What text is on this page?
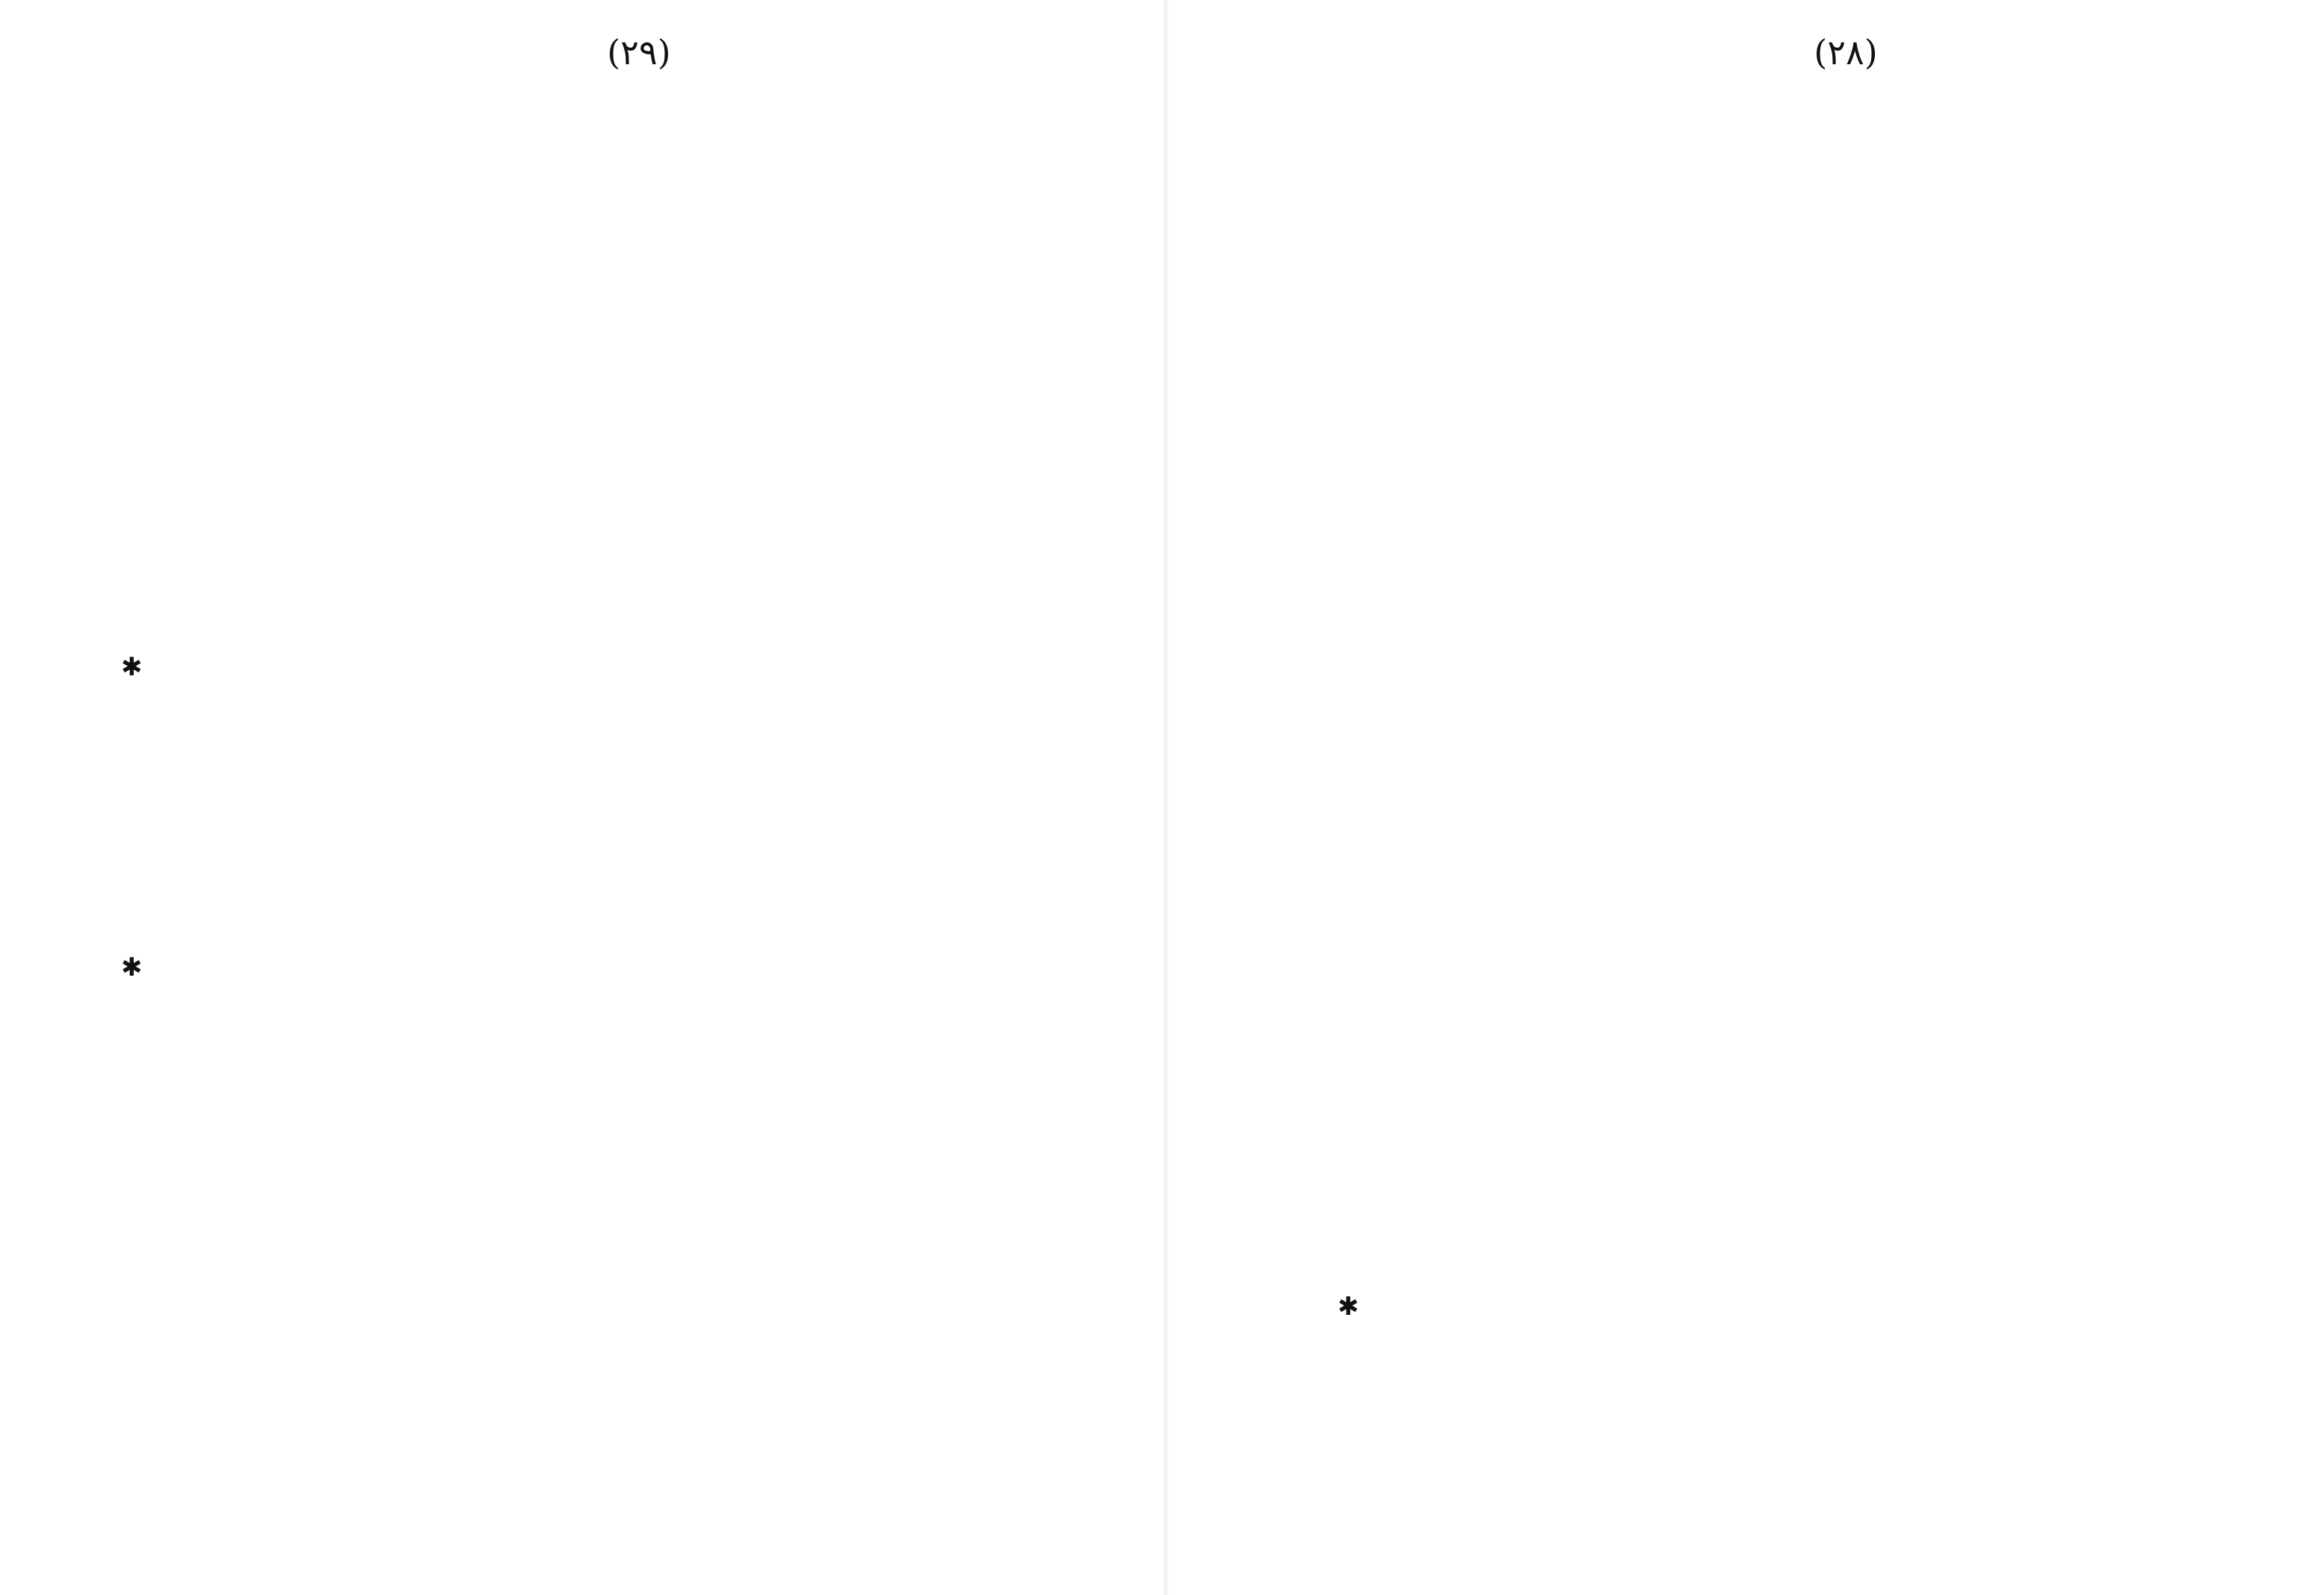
(٢٩)	(٢٨)
✱
✱
✱
